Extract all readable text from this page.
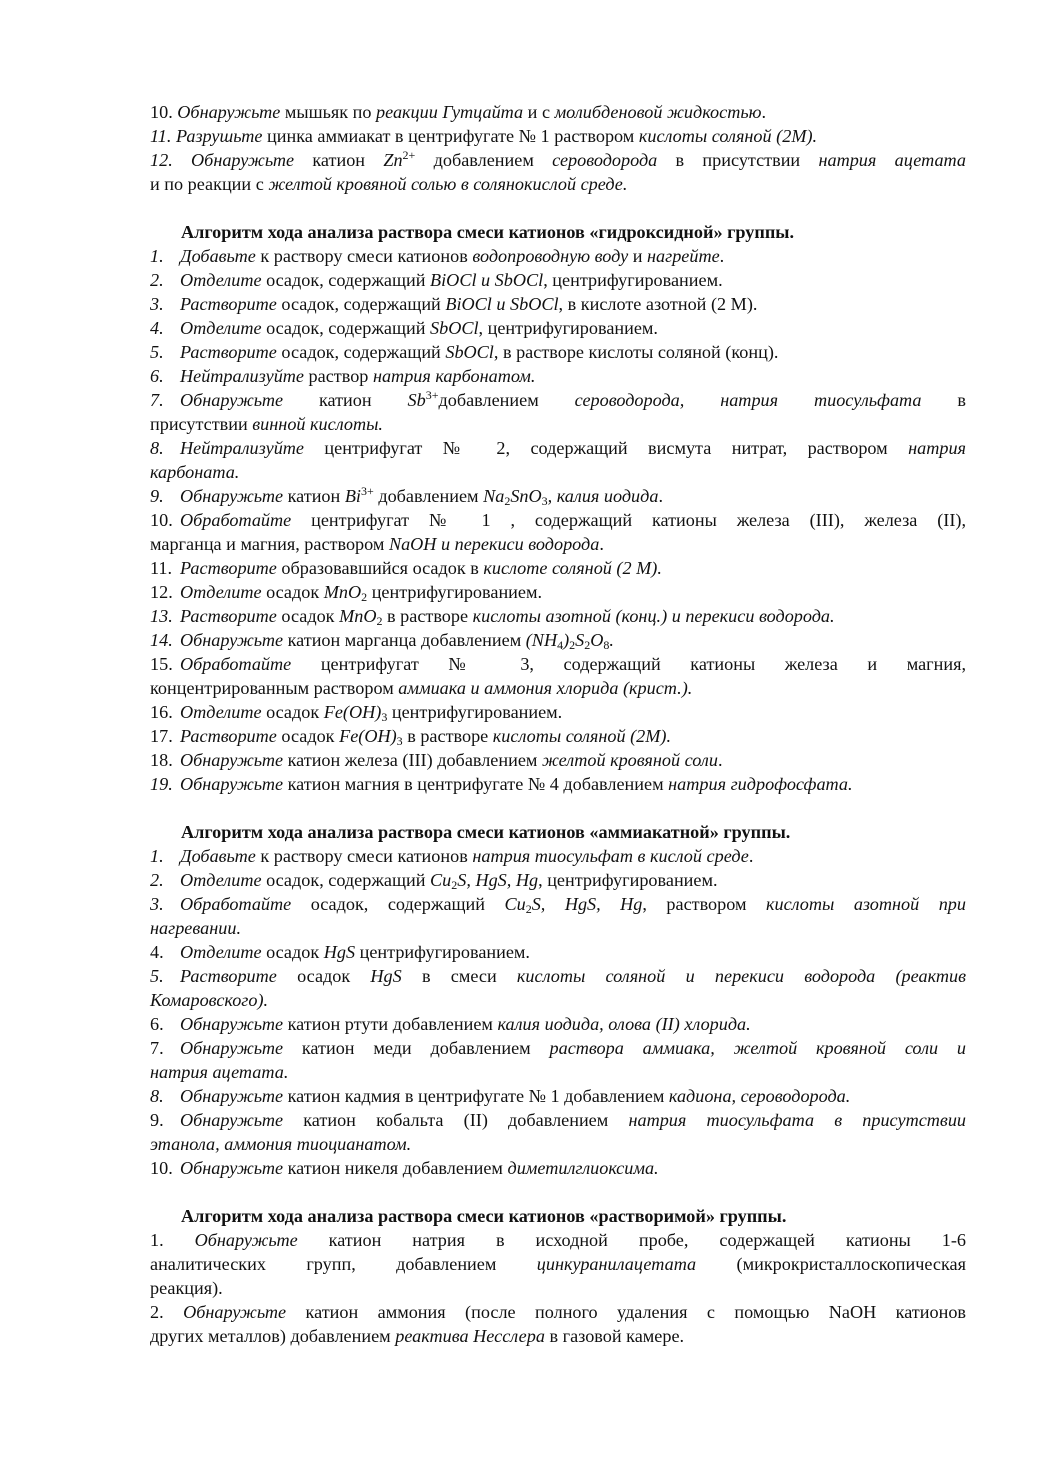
10. Обнаружьте мышьяк по реакции Гутцайта и с молибденовой жидкостью.

11. Разрушьте цинка аммиакат в центрифугате № 1 раствором кислоты соляной (2М).

12. Обнаружьте катион $Zn^{2+}$ добавлением сероводорода в присутствии натрия ацетата

и по реакции с желтой кровяной солью в солянокислой среде.

Алгоритм хода анализа раствора смеси катионов «гидроксидной» группы.

1. Добавьте к раствору смеси катионов водопроводную воду и нагрейте.

2. Отделите осадок, содержащий BiOCl и SbOCl, центрифугированием.

3. Растворите осадок, содержащий BiOCl и SbOCl, в кислоте азотной (2 М).

4. Отделите осадок, содержащий SbOCl, центрифугированием.

5. Растворите осадок, содержащий SbOCl, в растворе кислоты соляной (конц).

6. Нейтрализуйте раствор натрия карбонатом.

7. Обнаружьте катион $Sb^{3+}добавлением$ сероводорода, натрия тиосульфата в

присутствии винной кислоты.

8. Нейтрализуйте центрифугат № 2, содержащий висмута нитрат, раствором натрия

карбоната.

9. Обнаружьте катион $Bi^{3+}$ добавлением $Na_2SnO_3$, калия иодида.

10. Обработайте центрифугат № 1 , содержащий катионы железа (III), железа (II),

марганца и магния, раствором NaOH и перекиси водорода.

11. Растворите образовавшийся осадок в кислоте соляной (2 М).

12. Отделите осадок MnO$_2$ центрифугированием.

13. Растворите осадок MnO$_2$ в растворе кислоты азотной (конц.) и перекиси водорода.

14. Обнаружьте катион марганца добавлением $(NH_4)_2S_2O_8$.

15. Обработайте центрифугат № 3, содержащий катионы железа и магния,

концентрированным раствором аммиака и аммония хлорида (крист.).

16. Отделите осадок $Fe(OH)_3$ центрифугированием.

17. Растворите осадок $Fe(OH)_3$ в растворе кислоты соляной (2М).

18. Обнаружьте катион железа (III) добавлением желтой кровяной соли.

19. Обнаружьте катион магния в центрифугате № 4 добавлением натрия гидрофосфата.

Алгоритм хода анализа раствора смеси катионов «аммиакатной» группы.

1. Добавьте к раствору смеси катионов натрия тиосульфат в кислой среде.

2. Отделите осадок, содержащий $Cu_2S$, HgS, Hg, центрифугированием.

3. Обработайте осадок, содержащий $Cu_2S$, HgS, Hg, раствором кислоты азотной при

нагревании.

4. Отделите осадок HgS центрифугированием.

5. Растворите осадок HgS в смеси кислоты соляной и перекиси водорода (реактив

Комаровского).

6. Обнаружьте катион ртути добавлением калия иодида, олова (II) хлорида.

7. Обнаружьте катион меди добавлением раствора аммиака, желтой кровяной соли и

натрия ацетата.

8. Обнаружьте катион кадмия в центрифугате № 1 добавлением кадиона, сероводорода.

9. Обнаружьте катион кобальта (II) добавлением натрия тиосульфата в присутствии

этанола, аммония тиоцианатом.

10. Обнаружьте катион никеля добавлением диметилглиоксима.

Алгоритм хода анализа раствора смеси катионов «растворимой» группы.

1. Обнаружьте катион натрия в исходной пробе, содержащей катионы 1-6

аналитических групп, добавлением цинкуранилацетата (микрокристаллоскопическая

реакция).

2. Обнаружьте катион аммония (после полного удаления с помощью NaOH катионов

других металлов) добавлением реактива Несслера в газовой камере.
